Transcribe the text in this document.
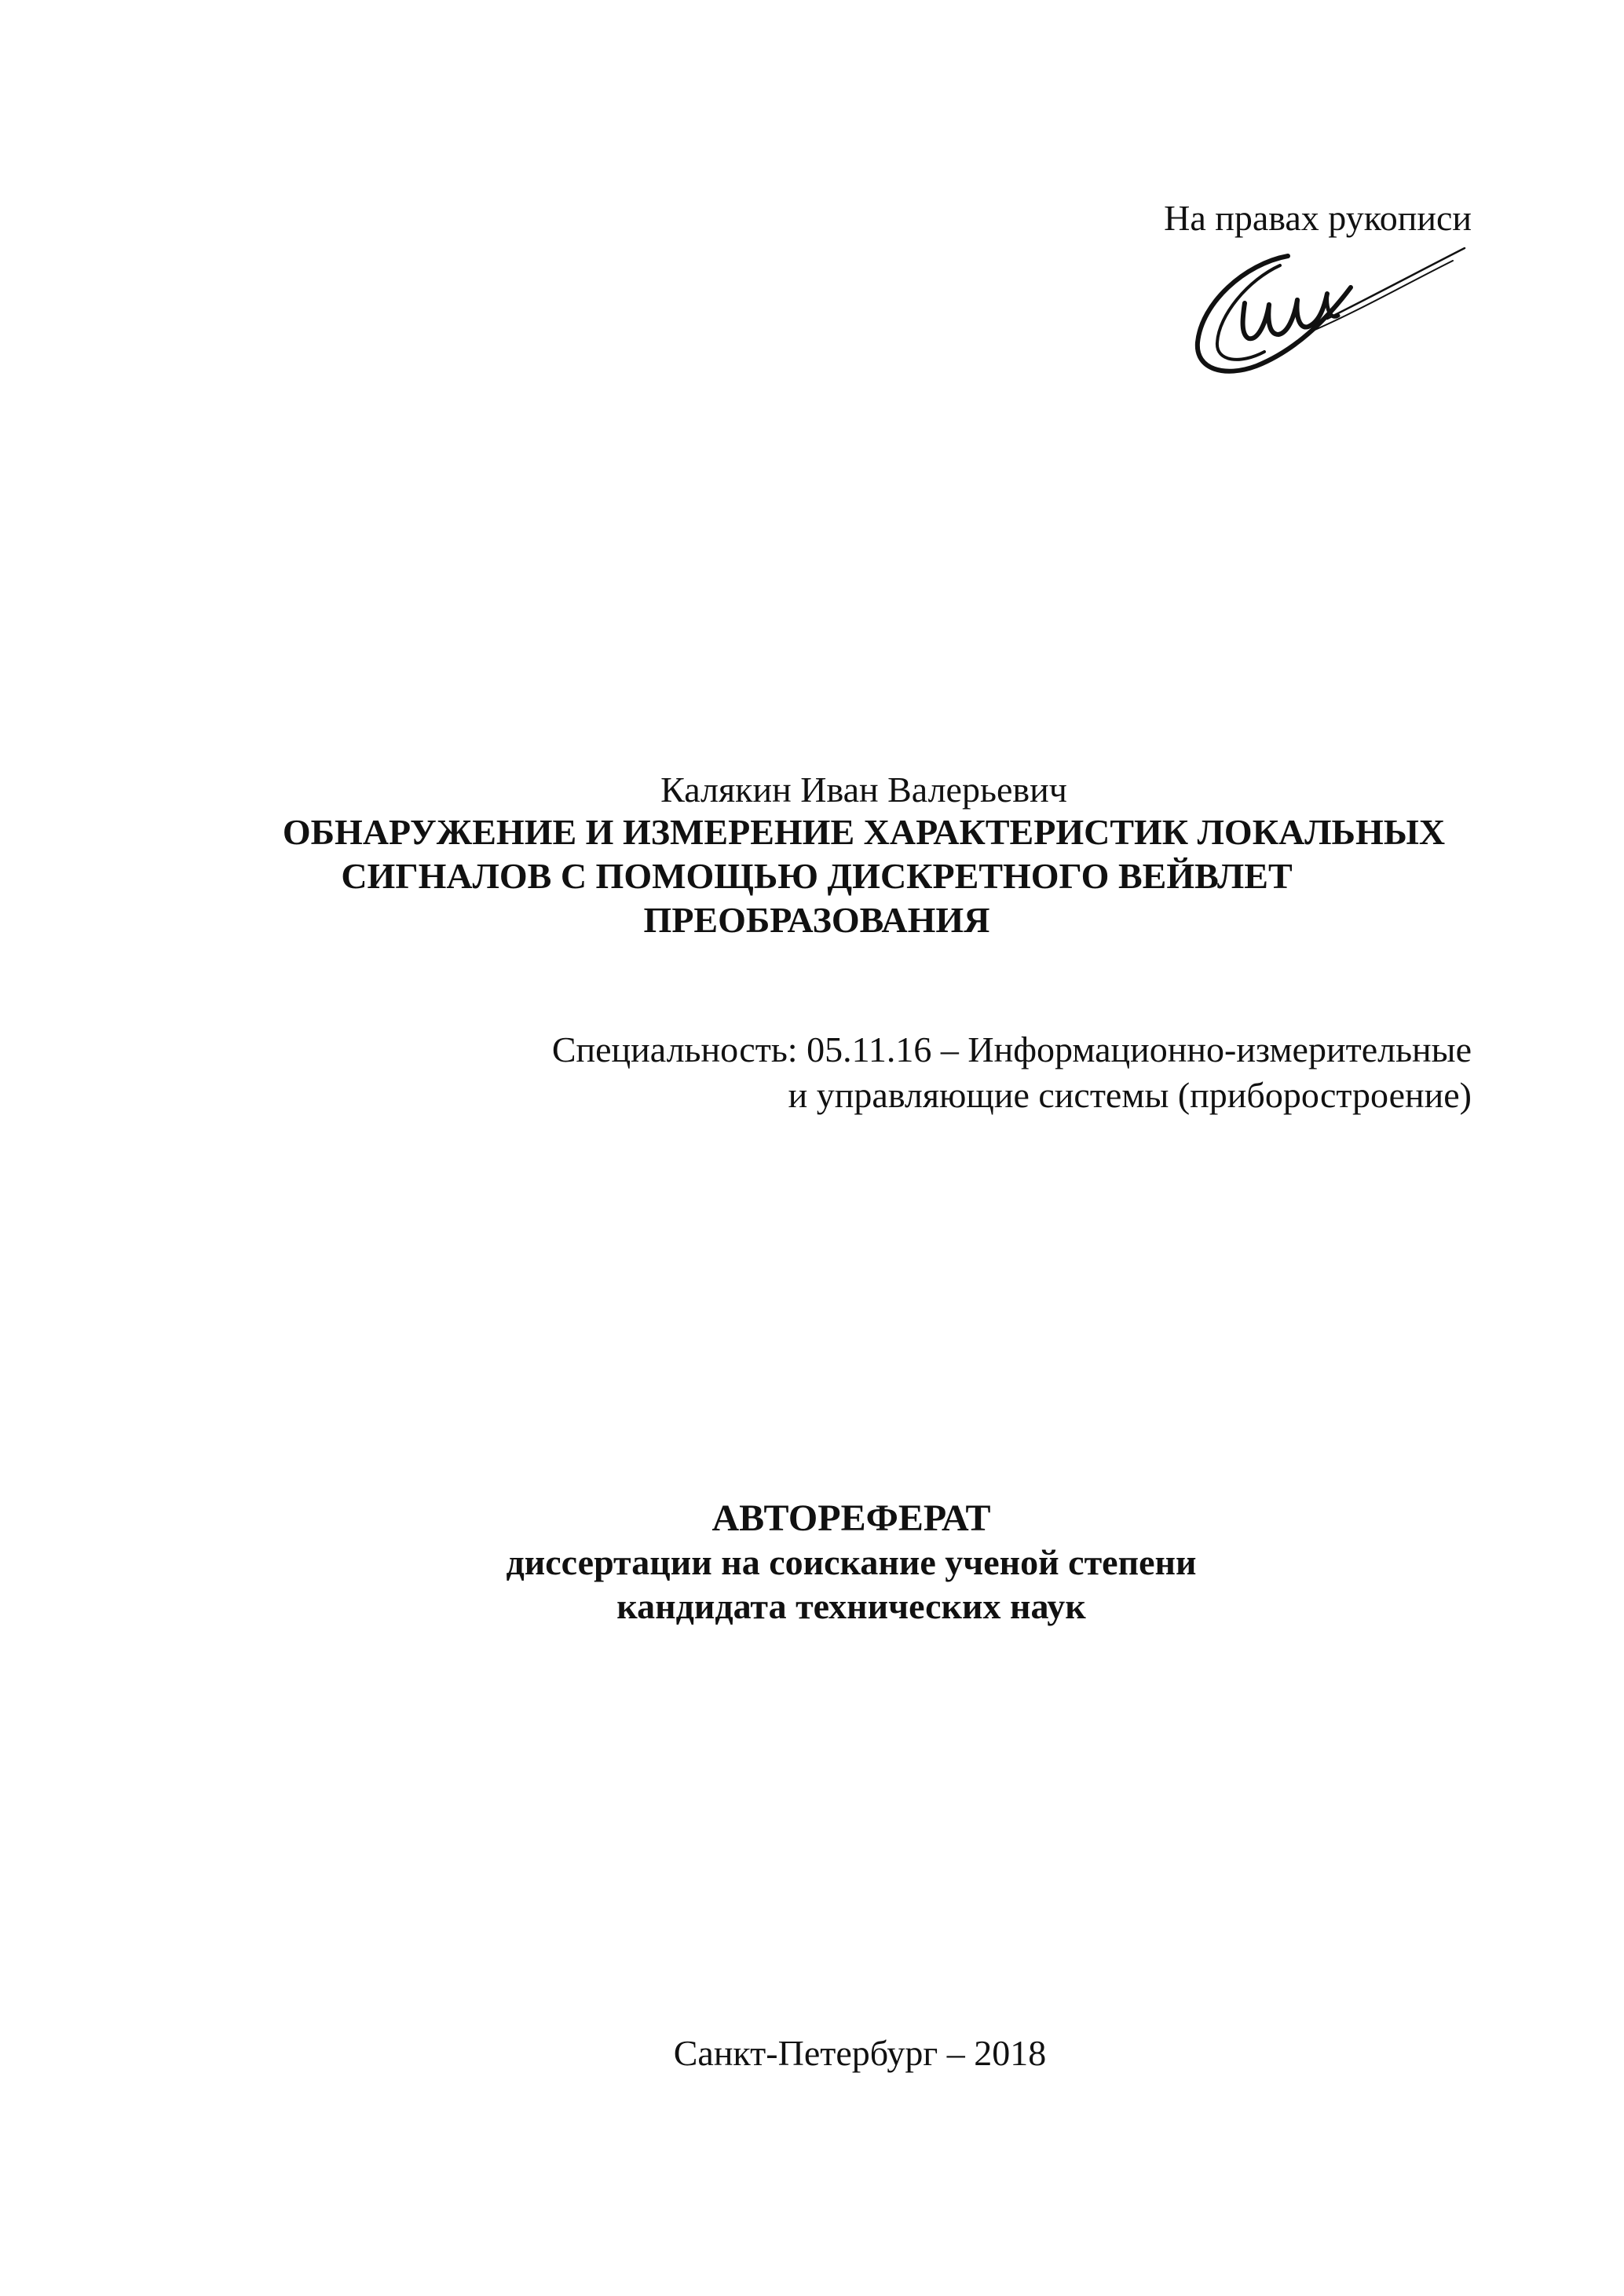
На правах рукописи
Калякин Иван Валерьевич
ОБНАРУЖЕНИЕ И ИЗМЕРЕНИЕ ХАРАКТЕРИСТИК ЛОКАЛЬНЫХ
СИГНАЛОВ С ПОМОЩЬЮ ДИСКРЕТНОГО ВЕЙВЛЕТ
ПРЕОБРАЗОВАНИЯ
Специальность: 05.11.16 – Информационно-измерительные
и управляющие системы (приборостроение)
АВТОРЕФЕРАТ
диссертации на соискание ученой степени
кандидата технических наук
Санкт-Петербург – 2018
